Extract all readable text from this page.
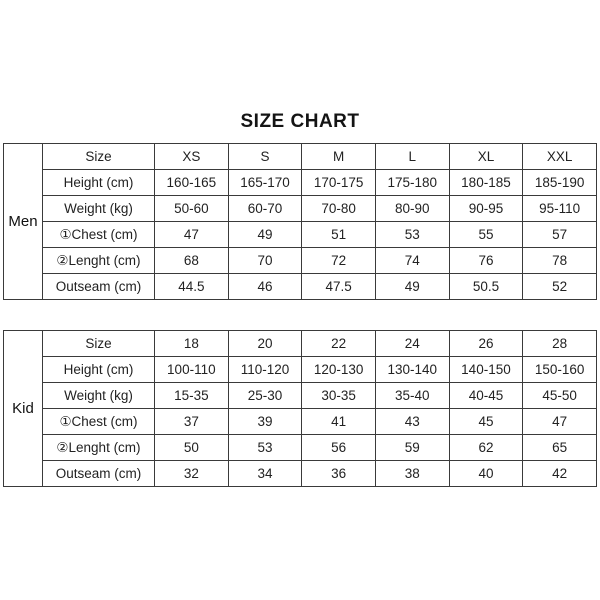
SIZE CHART
Men	Size	XS	S	M	L	XL	XXL
	Height (cm)	160-165	165-170	170-175	175-180	180-185	185-190
	Weight (kg)	50-60	60-70	70-80	80-90	90-95	95-110
	①Chest (cm)	47	49	51	53	55	57
	②Lenght (cm)	68	70	72	74	76	78
	Outseam (cm)	44.5	46	47.5	49	50.5	52
Kid	Size	18	20	22	24	26	28
	Height (cm)	100-110	110-120	120-130	130-140	140-150	150-160
	Weight (kg)	15-35	25-30	30-35	35-40	40-45	45-50
	①Chest (cm)	37	39	41	43	45	47
	②Lenght (cm)	50	53	56	59	62	65
	Outseam (cm)	32	34	36	38	40	42
